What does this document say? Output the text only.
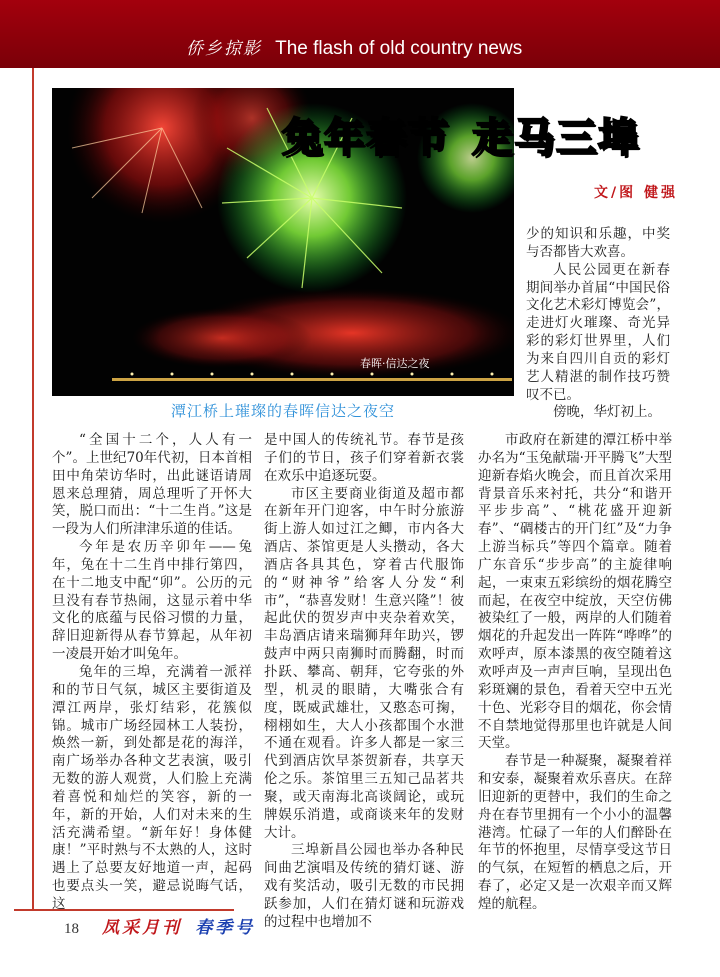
侨乡掠影 The flash of old country news
春晖·信达之夜
兔年春节 走马三埠
文/图 健强
潭江桥上璀璨的春晖信达之夜空

少的知识和乐趣，中奖与否都皆大欢喜。

人民公园更在新春期间举办首届“中国民俗文化艺术彩灯博览会”，走进灯火璀璨、奇光异彩的彩灯世界里，人们为来自四川自贡的彩灯艺人精湛的制作技巧赞叹不已。

傍晚，华灯初上。

“全国十二个，人人有一个”。上世纪70年代初，日本首相田中角荣访华时，出此谜语请周恩来总理猜，周总理听了开怀大笑，脱口而出：“十二生肖。”这是一段为人们所津津乐道的佳话。

今年是农历辛卯年——兔年，兔在十二生肖中排行第四，在十二地支中配“卯”。公历的元旦没有春节热闹，这显示着中华文化的底蕴与民俗习惯的力量，辞旧迎新得从春节算起，从年初一凌晨开始才叫兔年。

兔年的三埠，充满着一派祥和的节日气氛，城区主要街道及潭江两岸，张灯结彩，花簇似锦。城市广场经园林工人装扮，焕然一新，到处都是花的海洋，南广场举办各种文艺表演，吸引无数的游人观赏，人们脸上充满着喜悦和灿烂的笑容，新的一年，新的开始，人们对未来的生活充满希望。“新年好！身体健康！”平时熟与不太熟的人，这时遇上了总要友好地道一声，起码也要点头一笑，避忌说晦气话，这

是中国人的传统礼节。春节是孩子们的节日，孩子们穿着新衣裳在欢乐中追逐玩耍。

市区主要商业街道及超市都在新年开门迎客，中午时分旅游街上游人如过江之鲫，市内各大酒店、茶馆更是人头攒动，各大酒店各具其色，穿着古代服饰的“财神爷”给客人分发“利市”，“恭喜发财！生意兴隆”！彼起此伏的贺岁声中夹杂着欢笑，丰岛酒店请来瑞狮拜年助兴，锣鼓声中两只南狮时而腾翻，时而扑跃、攀高、朝拜，它夸张的外型，机灵的眼睛，大嘴张合有度，既威武雄壮，又憨态可掬，栩栩如生，大人小孩都围个水泄不通在观看。许多人都是一家三代到酒店饮早茶贺新春，共享天伦之乐。茶馆里三五知己品茗共聚，或天南海北高谈阔论，或玩牌娱乐消遣，或商谈来年的发财大计。

三埠新昌公园也举办各种民间曲艺演唱及传统的猜灯谜、游戏有奖活动，吸引无数的市民拥跃参加，人们在猜灯谜和玩游戏的过程中也增加不

市政府在新建的潭江桥中举办名为“玉兔献瑞·开平腾飞”大型迎新春焰火晚会，而且首次采用背景音乐来衬托，共分“和谐开平步步高”、“桃花盛开迎新春”、“碉楼古的开门红”及“力争上游当标兵”等四个篇章。随着广东音乐“步步高”的主旋律响起，一束束五彩缤纷的烟花腾空而起，在夜空中绽放，天空仿佛被染红了一般，两岸的人们随着烟花的升起发出一阵阵“哗哗”的欢呼声，原本漆黑的夜空随着这欢呼声及一声声巨响，呈现出色彩斑斓的景色，看着天空中五光十色、光彩夺目的烟花，你会情不自禁地觉得那里也许就是人间天堂。

春节是一种凝聚，凝聚着祥和安泰，凝聚着欢乐喜庆。在辞旧迎新的更替中，我们的生命之舟在春节里拥有一个小小的温馨港湾。忙碌了一年的人们醉卧在年节的怀抱里，尽情享受这节日的气氛，在短暂的栖息之后，开春了，必定又是一次艰辛而又辉煌的航程。

18 凤采月刊 春季号
